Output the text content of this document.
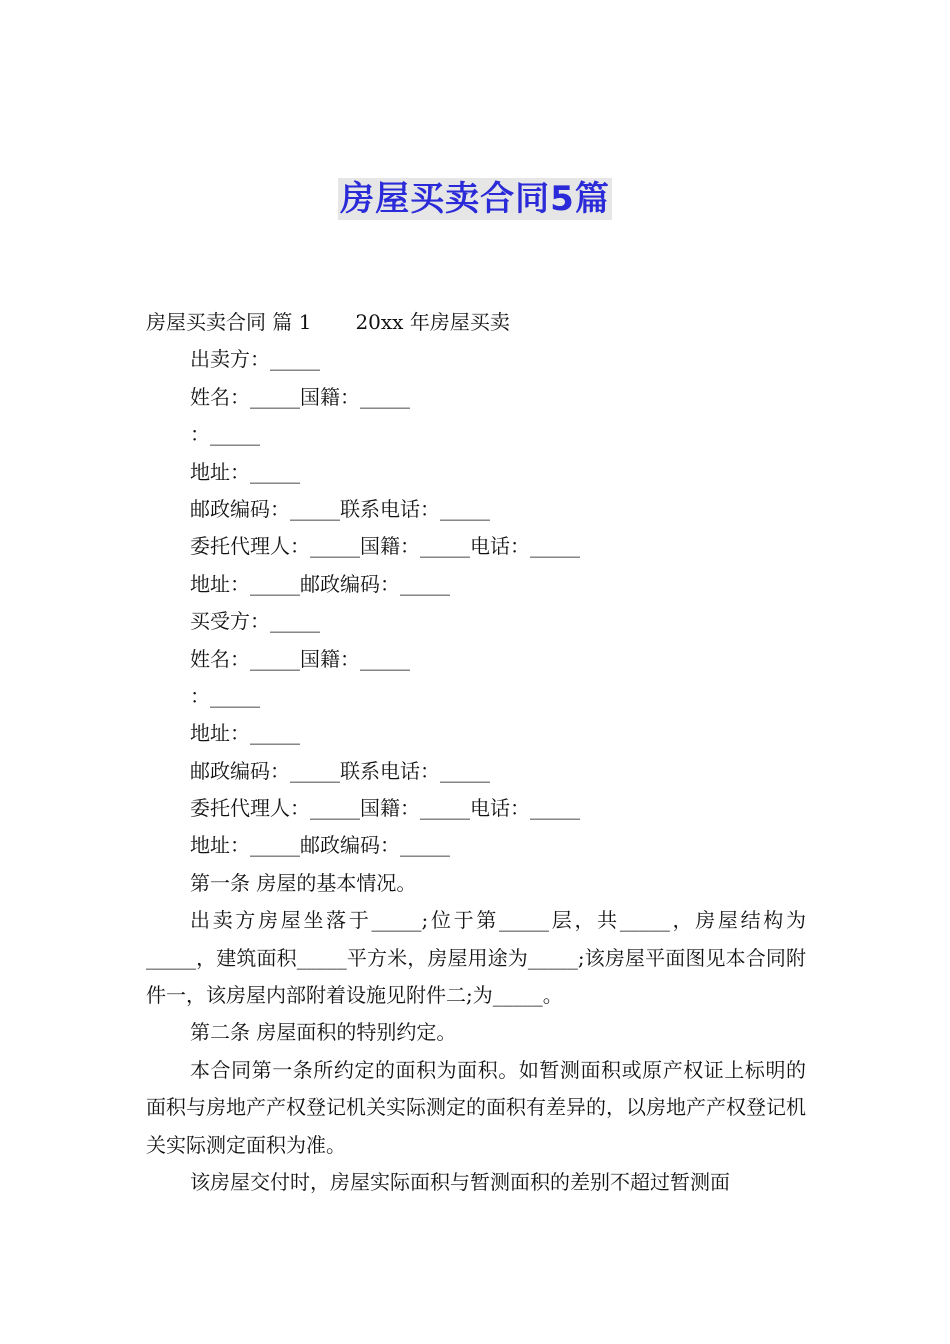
房屋买卖合同5篇
房屋买卖合同 篇 1 20xx 年房屋买卖
出卖方：_____
姓名：_____国籍：_____
：_____
地址：_____
邮政编码：_____联系电话：_____
委托代理人：_____国籍：_____电话：_____
地址：_____邮政编码：_____
买受方：_____
姓名：_____国籍：_____
：_____
地址：_____
邮政编码：_____联系电话：_____
委托代理人：_____国籍：_____电话：_____
地址：_____邮政编码：_____
第一条 房屋的基本情况。

出卖方房屋坐落于_____;位于第_____层，共_____，房屋结构为_____，建筑面积_____平方米，房屋用途为_____;该房屋平面图见本合同附件一，该房屋内部附着设施见附件二;为_____。

第二条 房屋面积的特别约定。

本合同第一条所约定的面积为面积。如暂测面积或原产权证上标明的面积与房地产产权登记机关实际测定的面积有差异的，以房地产产权登记机关实际测定面积为准。

该房屋交付时，房屋实际面积与暂测面积的差别不超过暂测面
